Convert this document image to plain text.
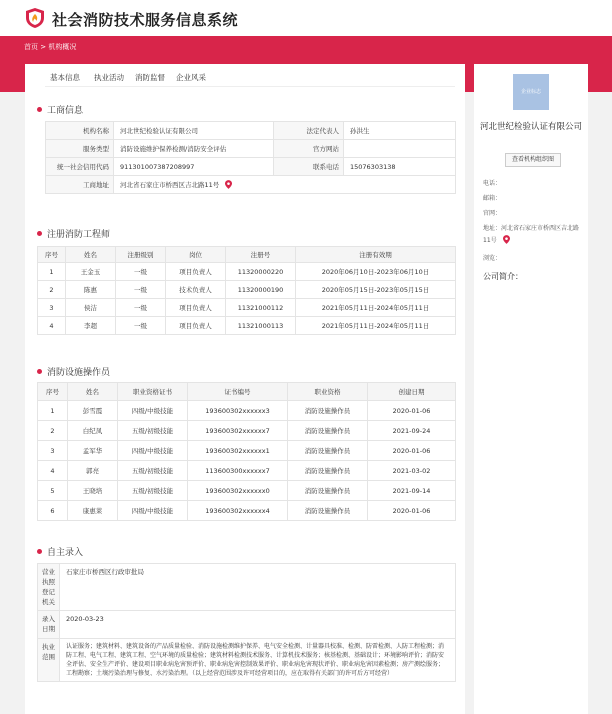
社会消防技术服务信息系统
首页 > 机构概况
基本信息 执业活动 消防监督 企业风采
工商信息
机构名称	河北世纪检验认证有限公司	法定代表人	孙洪生
服务类型	消防设施维护保养检测/消防安全评估	官方网站	
统一社会信用代码	911301007387208997	联系电话	15076303138
工商地址	河北省石家庄市桥西区吉北路11号		
注册消防工程师
序号	姓名	注册级别	岗位	注册号	注册有效期
1	王金玉	一级	项目负责人	11320000220	2020年06月10日-2023年06月10日
2	陈惠	一级	技术负责人	11320000190	2020年05月15日-2023年05月15日
3	侯洁	一级	项目负责人	11321000112	2021年05月11日-2024年05月11日
4	李超	一级	项目负责人	11321000113	2021年05月11日-2024年05月11日
消防设施操作员
序号	姓名	职业资格证书	证书编号	职业资格	创建日期
1	彭雪霞	四级/中级技能	193600302xxxxxx3	消防设施操作员	2020-01-06
2	白纪凤	五级/初级技能	193600302xxxxxx7	消防设施操作员	2021-09-24
3	孟军华	四级/中级技能	193600302xxxxxx1	消防设施操作员	2020-01-06
4	郭亮	五级/初级技能	113600300xxxxxx7	消防设施操作员	2021-03-02
5	王晓培	五级/初级技能	193600302xxxxxx0	消防设施操作员	2021-09-14
6	康惠莱	四级/中级技能	193600302xxxxxx4	消防设施操作员	2020-01-06
自主录入
营业执照登记机关	石家庄市桥西区行政审批局
录入日期	2020-03-23
执业范围	认证服务；建筑材料、建筑设备的产品质量检验、消防设施检测维护保养、电气安全检测、计量器具校准、检测、防雷检测、人防工程检测；消防工程、电气工程、建筑工程、空气环境的质量检验；建筑材料检测技术服务、计算机技术服务；核基检测、基础设计；环境影响评价；消防安全评估、安全生产评价、建设项目职业病危害预评价、职业病危害控制效果评价、职业病危害现状评价、职业病危害因素检测；房产测绘服务；工程勘察；土壤污染治理与修复、水污染治理。（以上经营范围涉及许可经营项目的，应在取得有关部门的许可后方可经营）
企业标志
河北世纪检验认证有限公司
查看机构组织图
电话：
邮箱：
官网：
地址：河北省石家庄市桥西区吉北路11号
浏览：
公司简介：
